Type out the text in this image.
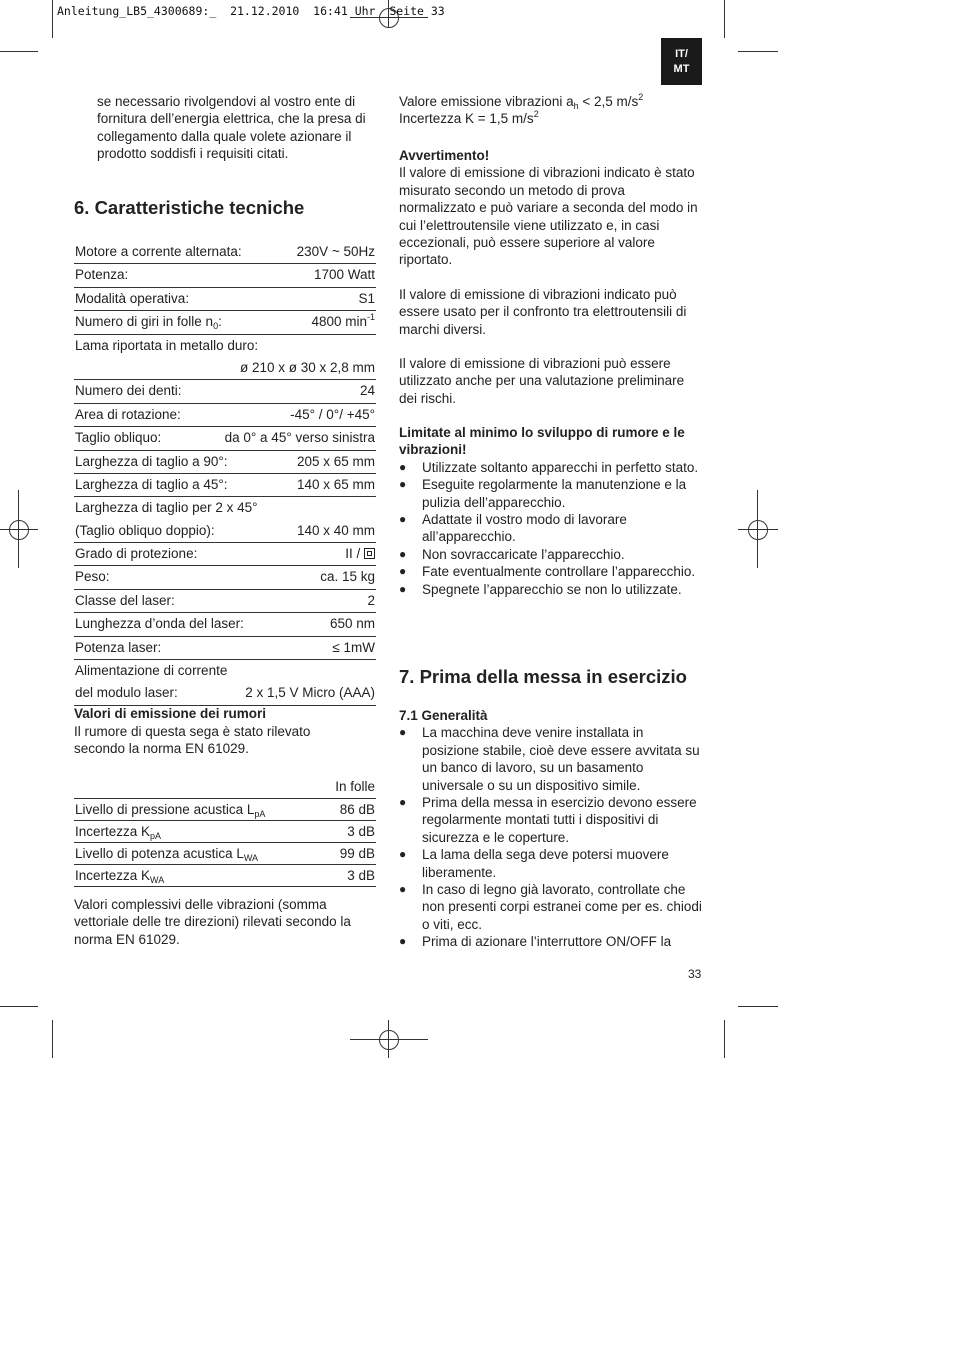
Anleitung_LB5_4300689:_  21.12.2010  16:41 Uhr  Seite 33
IT/
MT
se necessario rivolgendovi al vostro ente di fornitura dell’energia elettrica, che la presa di collegamento dalla quale volete azionare il prodotto soddisfi i requisiti citati.
6. Caratteristiche tecniche
Motore a corrente alternata:	230V ~ 50Hz
Potenza:	1700 Watt
Modalità operativa:	S1
Numero di giri in folle $n_0$:	4800 $\min^{-1}$
Lama riportata in metallo duro:
ø 210 x ø 30 x 2,8 mm
Numero dei denti:	24
Area di rotazione:	-45° / 0°/ +45°
Taglio obliquo:	da 0° a 45° verso sinistra
Larghezza di taglio a 90°:	205 x 65 mm
Larghezza di taglio a 45°:	140 x 65 mm
Larghezza di taglio per 2 x 45°
(Taglio obliquo doppio):	140 x 40 mm
Grado di protezione:	II /
Peso:	ca. 15 kg
Classe del laser:	2
Lunghezza d’onda del laser:	650 nm
Potenza laser:	≤ 1mW
Alimentazione di corrente
del modulo laser:	2 x 1,5 V Micro (AAA)
Valori di emissione dei rumori
Il rumore di questa sega è stato rilevato secondo la norma EN 61029.
In folle
Livello di pressione acustica $L_{pA}$	86 dB
Incertezza $K_{pA}$	3 dB
Livello di potenza acustica $L_{WA}$	99 dB
Incertezza $K_{WA}$	3 dB
Valori complessivi delle vibrazioni (somma vettoriale delle tre direzioni) rilevati secondo la norma EN 61029.
Valore emissione vibrazioni $a_h < 2,5$ $m/s^2$
Incertezza K = 1,5 $m/s^2$
Avvertimento!
Il valore di emissione di vibrazioni indicato è stato misurato secondo un metodo di prova normalizzato e può variare a seconda del modo in cui l’elettroutensile viene utilizzato e, in casi eccezionali, può essere superiore al valore riportato.
Il valore di emissione di vibrazioni indicato può essere usato per il confronto tra elettroutensili di marchi diversi.
Il valore di emissione di vibrazioni può essere utilizzato anche per una valutazione preliminare dei rischi.
Limitate al minimo lo sviluppo di rumore e le vibrazioni!
● Utilizzate soltanto apparecchi in perfetto stato.
● Eseguite regolarmente la manutenzione e la pulizia dell’apparecchio.
● Adattate il vostro modo di lavorare all’apparecchio.
● Non sovraccaricate l’apparecchio.
● Fate eventualmente controllare l’apparecchio.
● Spegnete l’apparecchio se non lo utilizzate.
7. Prima della messa in esercizio
7.1 Generalità
● La macchina deve venire installata in posizione stabile, cioè deve essere avvitata su un banco di lavoro, su un basamento universale o su un dispositivo simile.
● Prima della messa in esercizio devono essere regolarmente montati tutti i dispositivi di sicurezza e le coperture.
● La lama della sega deve potersi muovere liberamente.
● In caso di legno già lavorato, controllate che non presenti corpi estranei come per es. chiodi o viti, ecc.
● Prima di azionare l’interruttore ON/OFF la
33
